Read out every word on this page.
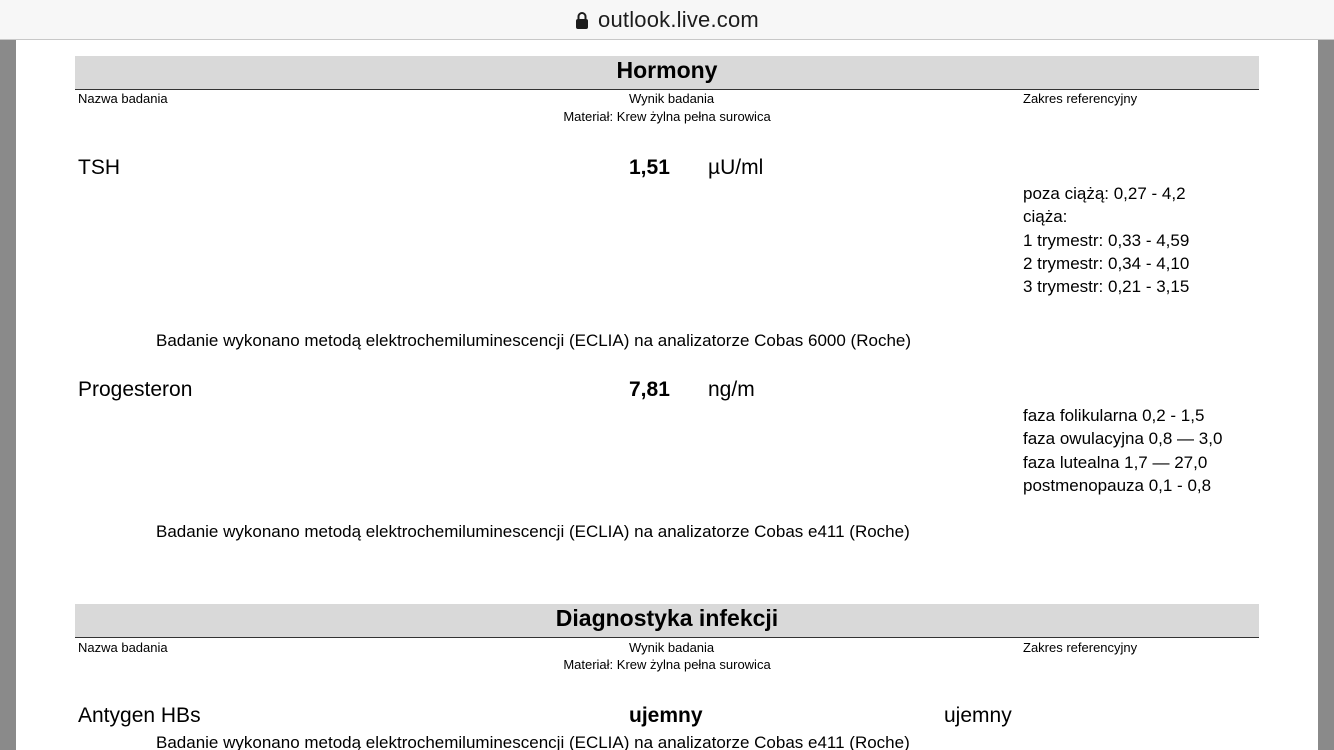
outlook.live.com
Hormony
Nazwa badania	Wynik badania	Zakres referencyjny
Materiał: Krew żylna pełna surowica
TSH	1,51 µU/ml
poza ciążą: 0,27 - 4,2
ciąża:
1 trymestr: 0,33 - 4,59
2 trymestr: 0,34 - 4,10
3 trymestr: 0,21 - 3,15
Badanie wykonano metodą elektrochemiluminescencji (ECLIA) na analizatorze Cobas 6000 (Roche)
Progesteron	7,81 ng/m
faza folikularna 0,2 - 1,5
faza owulacyjna 0,8 — 3,0
faza lutealna 1,7 — 27,0
postmenopauza 0,1 - 0,8
Badanie wykonano metodą elektrochemiluminescencji (ECLIA) na analizatorze Cobas e411 (Roche)
Diagnostyka infekcji
Nazwa badania	Wynik badania	Zakres referencyjny
Materiał: Krew żylna pełna surowica
Antygen HBs	ujemny	ujemny
Badanie wykonano metodą elektrochemiluminescencji (ECLIA) na analizatorze Cobas e411 (Roche)
